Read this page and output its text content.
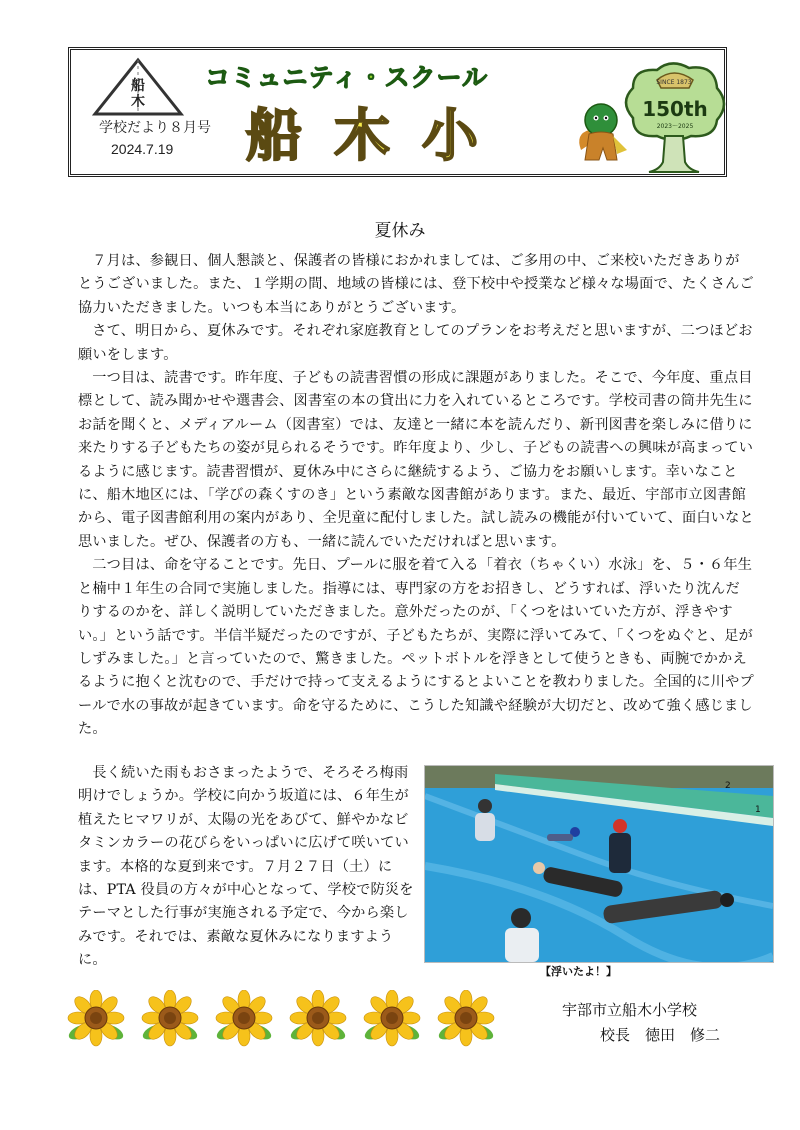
船
木
学校だより８月号
2024.7.19
コミュニティ・スクール
船木小
SINCE 1873
150th
2023～2025
夏休み

７月は、参観日、個人懇談と、保護者の皆様におかれましては、ご多用の中、ご来校いただきありがとうございました。また、１学期の間、地域の皆様には、登下校中や授業など様々な場面で、たくさんご協力いただきました。いつも本当にありがとうございます。

さて、明日から、夏休みです。それぞれ家庭教育としてのプランをお考えだと思いますが、二つほどお願いをします。

一つ目は、読書です。昨年度、子どもの読書習慣の形成に課題がありました。そこで、今年度、重点目標として、読み聞かせや選書会、図書室の本の貸出に力を入れているところです。学校司書の筒井先生にお話を聞くと、メディアルーム（図書室）では、友達と一緒に本を読んだり、新刊図書を楽しみに借りに来たりする子どもたちの姿が見られるそうです。昨年度より、少し、子どもの読書への興味が高まっているように感じます。読書習慣が、夏休み中にさらに継続するよう、ご協力をお願いします。幸いなことに、船木地区には、「学びの森くすのき」という素敵な図書館があります。また、最近、宇部市立図書館から、電子図書館利用の案内があり、全児童に配付しました。試し読みの機能が付いていて、面白いなと思いました。ぜひ、保護者の方も、一緒に読んでいただければと思います。

二つ目は、命を守ることです。先日、プールに服を着て入る「着衣（ちゃくい）水泳」を、５・６年生と楠中１年生の合同で実施しました。指導には、専門家の方をお招きし、どうすれば、浮いたり沈んだりするのかを、詳しく説明していただきました。意外だったのが、「くつをはいていた方が、浮きやすい。」という話です。半信半疑だったのですが、子どもたちが、実際に浮いてみて、「くつをぬぐと、足がしずみました。」と言っていたので、驚きました。ペットボトルを浮きとして使うときも、両腕でかかえるように抱くと沈むので、手だけで持って支えるようにするとよいことを教わりました。全国的に川やプールで水の事故が起きています。命を守るために、こうした知識や経験が大切だと、改めて強く感じました。

長く続いた雨もおさまったようで、そろそろ梅雨明けでしょうか。学校に向かう坂道には、６年生が植えたヒマワリが、太陽の光をあびて、鮮やかなビタミンカラーの花びらをいっぱいに広げて咲いています。本格的な夏到来です。７月２７日（土）には、PTA 役員の方々が中心となって、学校で防災をテーマとした行事が実施される予定で、今から楽しみです。それでは、素敵な夏休みになりますように。

1
2
【浮いたよ！】
宇部市立船木小学校
校長　徳田　修二
